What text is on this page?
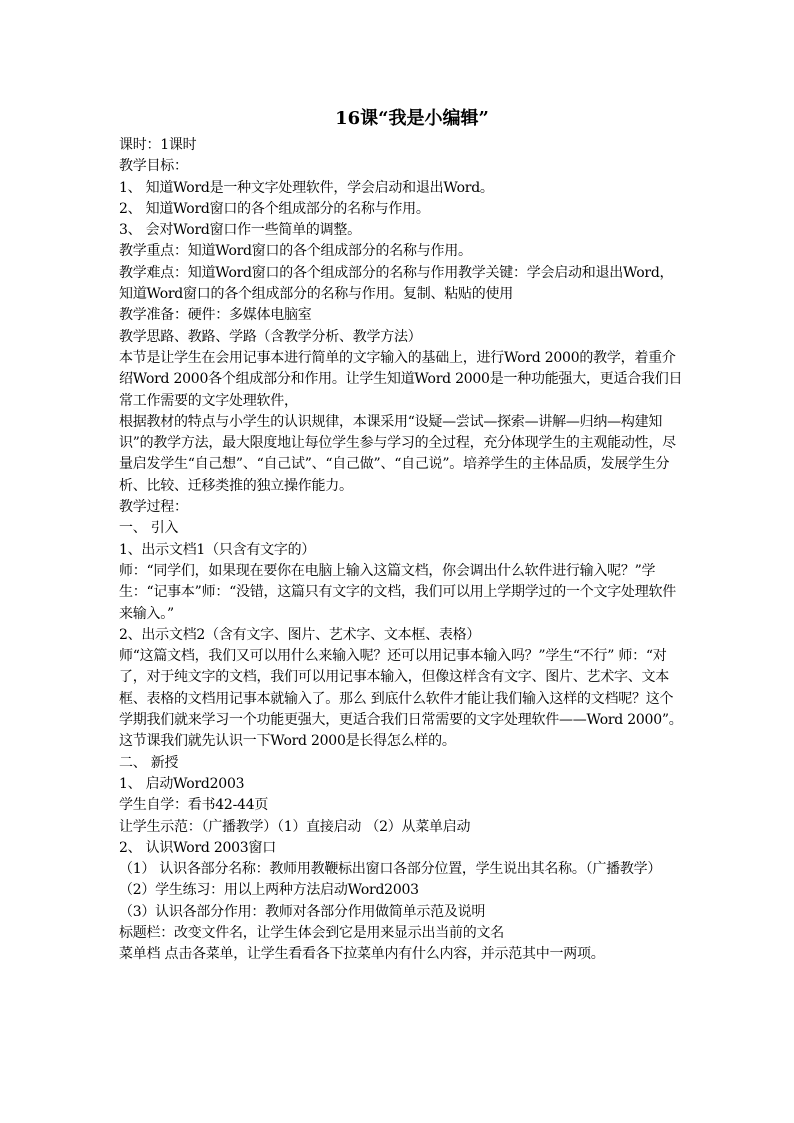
16课“我是小编辑”

课时：1课时

教学目标：

1、 知道Word是一种文字处理软件，学会启动和退出Word。

2、 知道Word窗口的各个组成部分的名称与作用。

3、 会对Word窗口作一些简单的调整。

教学重点：知道Word窗口的各个组成部分的名称与作用。

教学难点：知道Word窗口的各个组成部分的名称与作用教学关键：学会启动和退出Word，知道Word窗口的各个组成部分的名称与作用。复制、粘贴的使用

教学准备：硬件：多媒体电脑室

教学思路、教路、学路（含教学分析、教学方法）

本节是让学生在会用记事本进行简单的文字输入的基础上，进行Word 2000的教学，着重介绍Word 2000各个组成部分和作用。让学生知道Word 2000是一种功能强大，更适合我们日常工作需要的文字处理软件，

根据教材的特点与小学生的认识规律，本课采用“设疑—尝试—探索—讲解—归纳—构建知识”的教学方法，最大限度地让每位学生参与学习的全过程，充分体现学生的主观能动性，尽量启发学生“自己想”、“自己试”、“自己做”、“自己说”。培养学生的主体品质，发展学生分析、比较、迁移类推的独立操作能力。

教学过程：

一、 引入

1、出示文档1（只含有文字的）

师：“同学们，如果现在要你在电脑上输入这篇文档，你会调出什么软件进行输入呢？”学生：“记事本”师：“没错，这篇只有文字的文档，我们可以用上学期学过的一个文字处理软件来输入。”

2、出示文档2（含有文字、图片、艺术字、文本框、表格）

师“这篇文档，我们又可以用什么来输入呢？还可以用记事本输入吗？”学生“不行” 师：“对了，对于纯文字的文档，我们可以用记事本输入，但像这样含有文字、图片、艺术字、文本框、表格的文档用记事本就输入了。那么 到底什么软件才能让我们输入这样的文档呢？这个学期我们就来学习一个功能更强大，更适合我们日常需要的文字处理软件——Word 2000”。这节课我们就先认识一下Word 2000是长得怎么样的。

二、 新授

1、 启动Word2003

学生自学：看书42-44页

让学生示范：（广播教学）（1）直接启动 （2）从菜单启动

2、 认识Word 2003窗口

（1） 认识各部分名称：教师用教鞭标出窗口各部分位置，学生说出其名称。（广播教学）

（2）学生练习：用以上两种方法启动Word2003

（3）认识各部分作用：教师对各部分作用做简单示范及说明

标题栏：改变文件名，让学生体会到它是用来显示出当前的文名

菜单档 点击各菜单，让学生看看各下拉菜单内有什么内容，并示范其中一两项。
